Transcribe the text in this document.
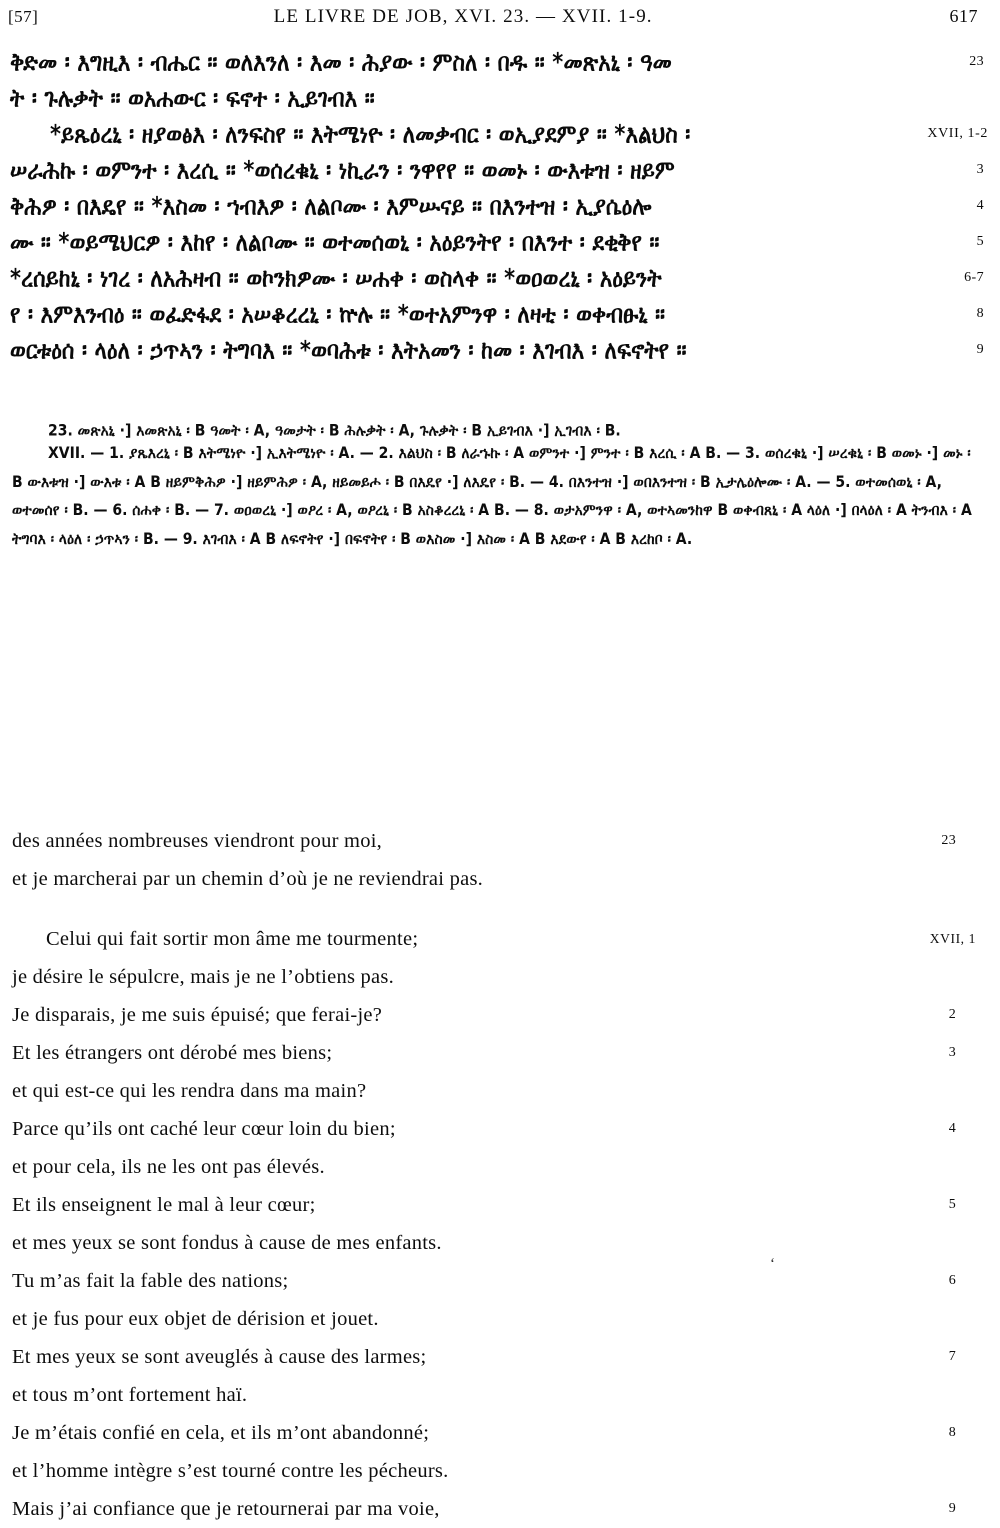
[57]	LE LIVRE DE JOB, XVI. 23. — XVII. 1-9.	617
ቅድመ ፡ እግዚእ ፡ ብሔር ። ወለእንለ ፡ እመ ፡ ሕያው ፡ ምስለ ፡ በዱ ። *መጽአኒ ፡ ዓመ	23
ት ፡ ጉሉቃት ። ወአሐውር ፡ ፍኖተ ፡ ኢይገብእ ።
*ይጼዕረኒ ፡ ዘያወፅእ ፡ ለንፍስየ ። እትሜነዮ ፡ ለመቃብር ፡ ወኢያደምያ ። *እልህስ ፡	XVII, 1-2
ሠራሕኩ ፡ ወምንተ ፡ እረሲ ። *ወሰረቁኒ ፡ ነኪራን ፡ ንዋየየ ። ወመኑ ፡ ውእቱዝ ፡ ዘይም	3
ቅሕዎ ፡ በእዴየ ። *እስመ ፡ ኀብእዎ ፡ ለልቦሙ ፡ እምሡናይ ። በእንተዝ ፡ ኢያሴዕሎ	4
ሙ ። *ወይሜህርዎ ፡ እከየ ፡ ለልቦሙ ። ወተመሰወኒ ፡ አዕይንትየ ፡ በእንተ ፡ ደቂቅየ ።	5
*ረሰይከኒ ፡ ነገረ ፡ ለአሕዛብ ። ወኮንክዎሙ ፡ ሠሐቀ ፡ ወስላቀ ። *ወዐወረኒ ፡ አዕይንት	6-7
የ ፡ እምእንብዕ ። ወፈድፋደ ፡ አሠቆረረኒ ፡ ኵሉ ። *ወተአምንዋ ፡ ለዛቲ ፡ ወቀብፁኒ ።	8
ወርቱዕሰ ፡ ላዕለ ፡ ኃጥኣን ፡ ትግባእ ። *ወባሕቱ ፡ እትአመን ፡ ከመ ፡ እገብእ ፡ ለፍኖትየ ።	9

23. መጽአኒ ·] እመጽአኒ ፡ B ዓመት ፡ A, ዓመታት ፡ B ሕሉቃት ፡ A, ጉሉቃት ፡ B ኢይገብእ ·] ኢገብእ ፡ B.

XVII. — 1. ያጼእረኒ ፡ B እትሜነዮ ·] ኢእትሜነዮ ፡ A. — 2. እልህስ ፡ B ለራኁኩ ፡ A ወምንተ ·] ምንተ ፡ B እረሲ ፡ A B. — 3. ወሰረቁኒ ·] ሠረቁኒ ፡ B ወመኑ ·] መኑ ፡ B ውእቱዝ ·] ውእቱ ፡ A B ዘይምቅሕዎ ·] ዘይምሕዎ ፡ A, ዘይመይሖ ፡ B በእዴየ ·] ለእዴየ ፡ B. — 4. በእንተዝ ·] ወበእንተዝ ፡ B ኢታሌዕሎሙ ፡ A. — 5. ወተመሰወኒ ፡ A, ወተመሰየ ፡ B. — 6. ሰሐቀ ፡ B. — 7. ወዐወረኒ ·] ወዖረ ፡ A, ወዖረኒ ፡ B አስቆረረኒ ፡ A B. — 8. ወታአምንዋ ፡ A, ወተኣመንከዋ B ወቀብጸኒ ፡ A ላዕለ ·] በላዕለ ፡ A ትንብእ ፡ A ትግባእ ፡ ላዕለ ፡ ኃጥኣን ፡ B. — 9. እገብእ ፡ A B ለፍኖትየ ·] በፍኖትየ ፡ B ወእስመ ·] እስመ ፡ A B እደውየ ፡ A B እረከቦ ፡ A.

des années nombreuses viendront pour moi,	23
et je marcherai par un chemin d’où je ne reviendrai pas.
Celui qui fait sortir mon âme me tourmente;	XVII, 1
je désire le sépulcre, mais je ne l’obtiens pas.
Je disparais, je me suis épuisé; que ferai-je?	2
Et les étrangers ont dérobé mes biens;	3
et qui est-ce qui les rendra dans ma main?
Parce qu’ils ont caché leur cœur loin du bien;	4
et pour cela, ils ne les ont pas élevés.
Et ils enseignent le mal à leur cœur;	5
et mes yeux se sont fondus à cause de mes enfants.
Tu m’as fait la fable des nations;	6
et je fus pour eux objet de dérision et jouet.
Et mes yeux se sont aveuglés à cause des larmes;	7
et tous m’ont fortement haï.
Je m’étais confié en cela, et ils m’ont abandonné;	8
et l’homme intègre s’est tourné contre les pécheurs.
Mais j’ai confiance que je retournerai par ma voie,	9
‘
